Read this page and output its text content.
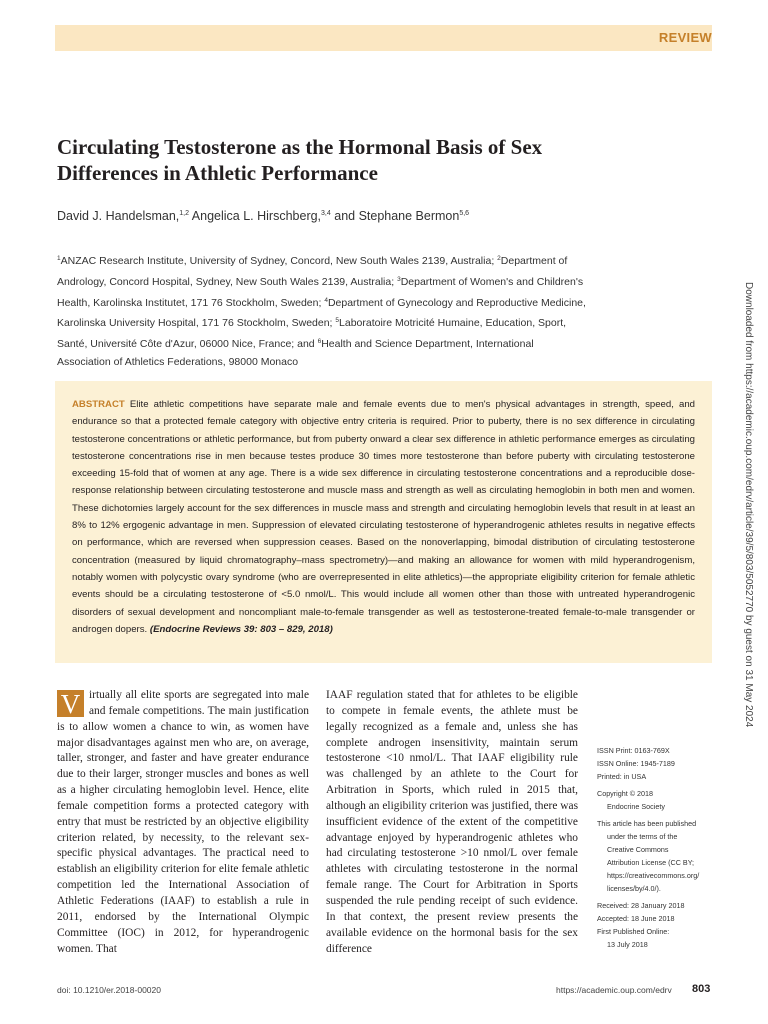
REVIEW
Circulating Testosterone as the Hormonal Basis of Sex Differences in Athletic Performance
David J. Handelsman,$^{1,2}$ Angelica L. Hirschberg,$^{3,4}$ and Stephane Bermon$^{5,6}$
$^1$ANZAC Research Institute, University of Sydney, Concord, New South Wales 2139, Australia; $^2$Department of Andrology, Concord Hospital, Sydney, New South Wales 2139, Australia; $^3$Department of Women's and Children's Health, Karolinska Institutet, 171 76 Stockholm, Sweden; $^4$Department of Gynecology and Reproductive Medicine, Karolinska University Hospital, 171 76 Stockholm, Sweden; $^5$Laboratoire Motricité Humaine, Education, Sport, Santé, Université Côte d'Azur, 06000 Nice, France; and $^6$Health and Science Department, International Association of Athletics Federations, 98000 Monaco

ABSTRACT Elite athletic competitions have separate male and female events due to men's physical advantages in strength, speed, and endurance so that a protected female category with objective entry criteria is required. Prior to puberty, there is no sex difference in circulating testosterone concentrations or athletic performance, but from puberty onward a clear sex difference in athletic performance emerges as circulating testosterone concentrations rise in men because testes produce 30 times more testosterone than before puberty with circulating testosterone exceeding 15-fold that of women at any age. There is a wide sex difference in circulating testosterone concentrations and a reproducible dose-response relationship between circulating testosterone and muscle mass and strength as well as circulating hemoglobin in both men and women. These dichotomies largely account for the sex differences in muscle mass and strength and circulating hemoglobin levels that result in at least an 8% to 12% ergogenic advantage in men. Suppression of elevated circulating testosterone of hyperandrogenic athletes results in negative effects on performance, which are reversed when suppression ceases. Based on the nonoverlapping, bimodal distribution of circulating testosterone concentration (measured by liquid chromatography–mass spectrometry)—and making an allowance for women with mild hyperandrogenism, notably women with polycystic ovary syndrome (who are overrepresented in elite athletics)—the appropriate eligibility criterion for female athletic events should be a circulating testosterone of <5.0 nmol/L. This would include all women other than those with untreated hyperandrogenic disorders of sexual development and noncompliant male-to-female transgender as well as testosterone-treated female-to-male transgender or androgen dopers. (Endocrine Reviews 39: 803 – 829, 2018)

V irtually all elite sports are segregated into male and female competitions. The main justification is to allow women a chance to win, as women have major disadvantages against men who are, on average, taller, stronger, and faster and have greater endurance due to their larger, stronger muscles and bones as well as a higher circulating hemoglobin level. Hence, elite female competition forms a protected category with entry that must be restricted by an objective eligibility criterion related, by necessity, to the relevant sex-specific physical advantages. The practical need to establish an eligibility criterion for elite female athletic competition led the International Association of Athletic Federations (IAAF) to establish a rule in 2011, endorsed by the International Olympic Committee (IOC) in 2012, for hyperandrogenic women. That

IAAF regulation stated that for athletes to be eligible to compete in female events, the athlete must be legally recognized as a female and, unless she has complete androgen insensitivity, maintain serum testosterone <10 nmol/L. That IAAF eligibility rule was challenged by an athlete to the Court for Arbitration in Sports, which ruled in 2015 that, although an eligibility criterion was justified, there was insufficient evidence of the extent of the competitive advantage enjoyed by hyperandrogenic athletes who had circulating testosterone >10 nmol/L over female athletes with circulating testosterone in the normal female range. The Court for Arbitration in Sports suspended the rule pending receipt of such evidence. In that context, the present review presents the available evidence on the hormonal basis for the sex difference

ISSN Print: 0163-769X
ISSN Online: 1945-7189
Printed: in USA
Copyright © 2018
Endocrine Society
This article has been published
under the terms of the
Creative Commons
Attribution License (CC BY;
https://creativecommons.org/
licenses/by/4.0/).
Received: 28 January 2018
Accepted: 18 June 2018
First Published Online:
13 July 2018
Downloaded from https://academic.oup.com/edrv/article/39/5/803/5052770 by guest on 31 May 2024
doi: 10.1210/er.2018-00020	https://academic.oup.com/edrv 803
